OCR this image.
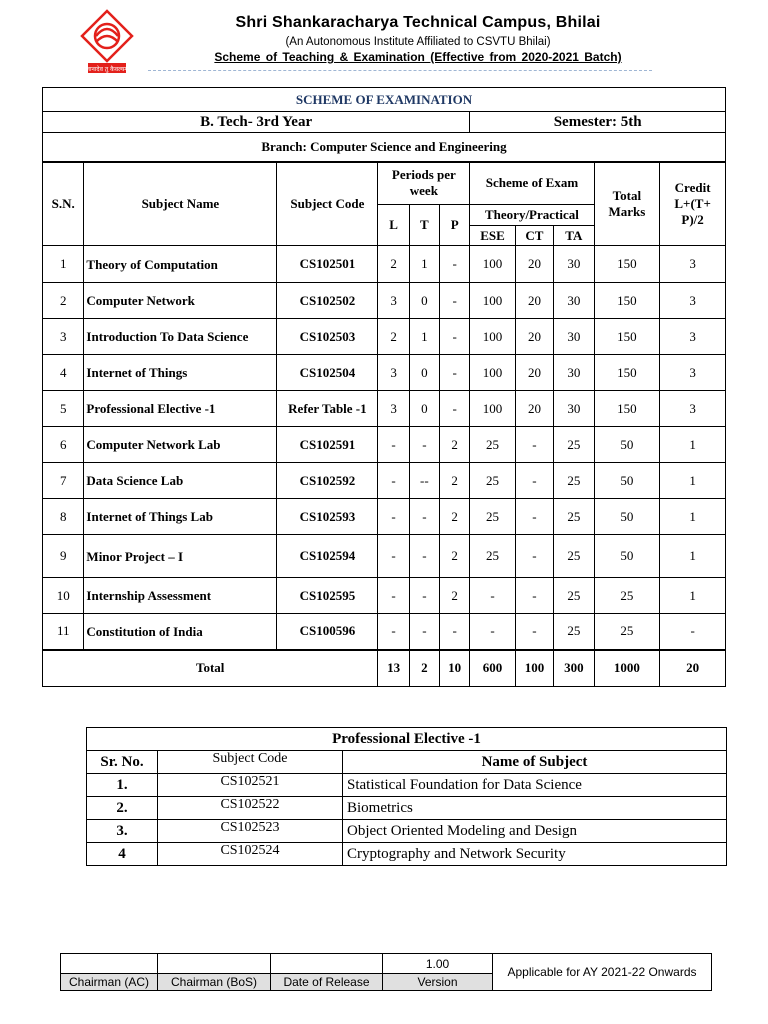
ज्ञानादेव तु कैवल्यम्
Shri Shankaracharya Technical Campus, Bhilai
(An Autonomous Institute Affiliated to CSVTU Bhilai)
Scheme of Teaching & Examination (Effective from 2020-2021 Batch)
SCHEME OF EXAMINATION										
B. Tech- 3rd Year						Semester: 5th				
Branch: Computer Science and Engineering										
S.N.	Subject Name	Subject Code	Periods per week			Scheme of Exam			Total Marks	Credit L+(T+ P)/2
			L	T	P	Theory/Practical				
						ESE	CT	TA		
1	Theory of Computation	CS102501	2	1	-	100	20	30	150	3
2	Computer Network	CS102502	3	0	-	100	20	30	150	3
3	Introduction To Data Science	CS102503	2	1	-	100	20	30	150	3
4	Internet of Things	CS102504	3	0	-	100	20	30	150	3
5	Professional Elective -1	Refer Table -1	3	0	-	100	20	30	150	3
6	Computer Network Lab	CS102591	-	-	2	25	-	25	50	1
7	Data Science Lab	CS102592	-	--	2	25	-	25	50	1
8	Internet of Things Lab	CS102593	-	-	2	25	-	25	50	1
9	Minor Project – I	CS102594	-	-	2	25	-	25	50	1
10	Internship Assessment	CS102595	-	-	2	-	-	25	25	1
11	Constitution of India	CS100596	-	-	-	-	-	25	25	-
Total			13	2	10	600	100	300	1000	20
Professional Elective -1		
Sr. No.	Subject Code	Name of Subject
1.	CS102521	Statistical Foundation for Data Science
2.	CS102522	Biometrics
3.	CS102523	Object Oriented Modeling and Design
4	CS102524	Cryptography and Network Security
			1.00	Applicable for AY 2021-22 Onwards
Chairman (AC)	Chairman (BoS)	Date of Release	Version	
